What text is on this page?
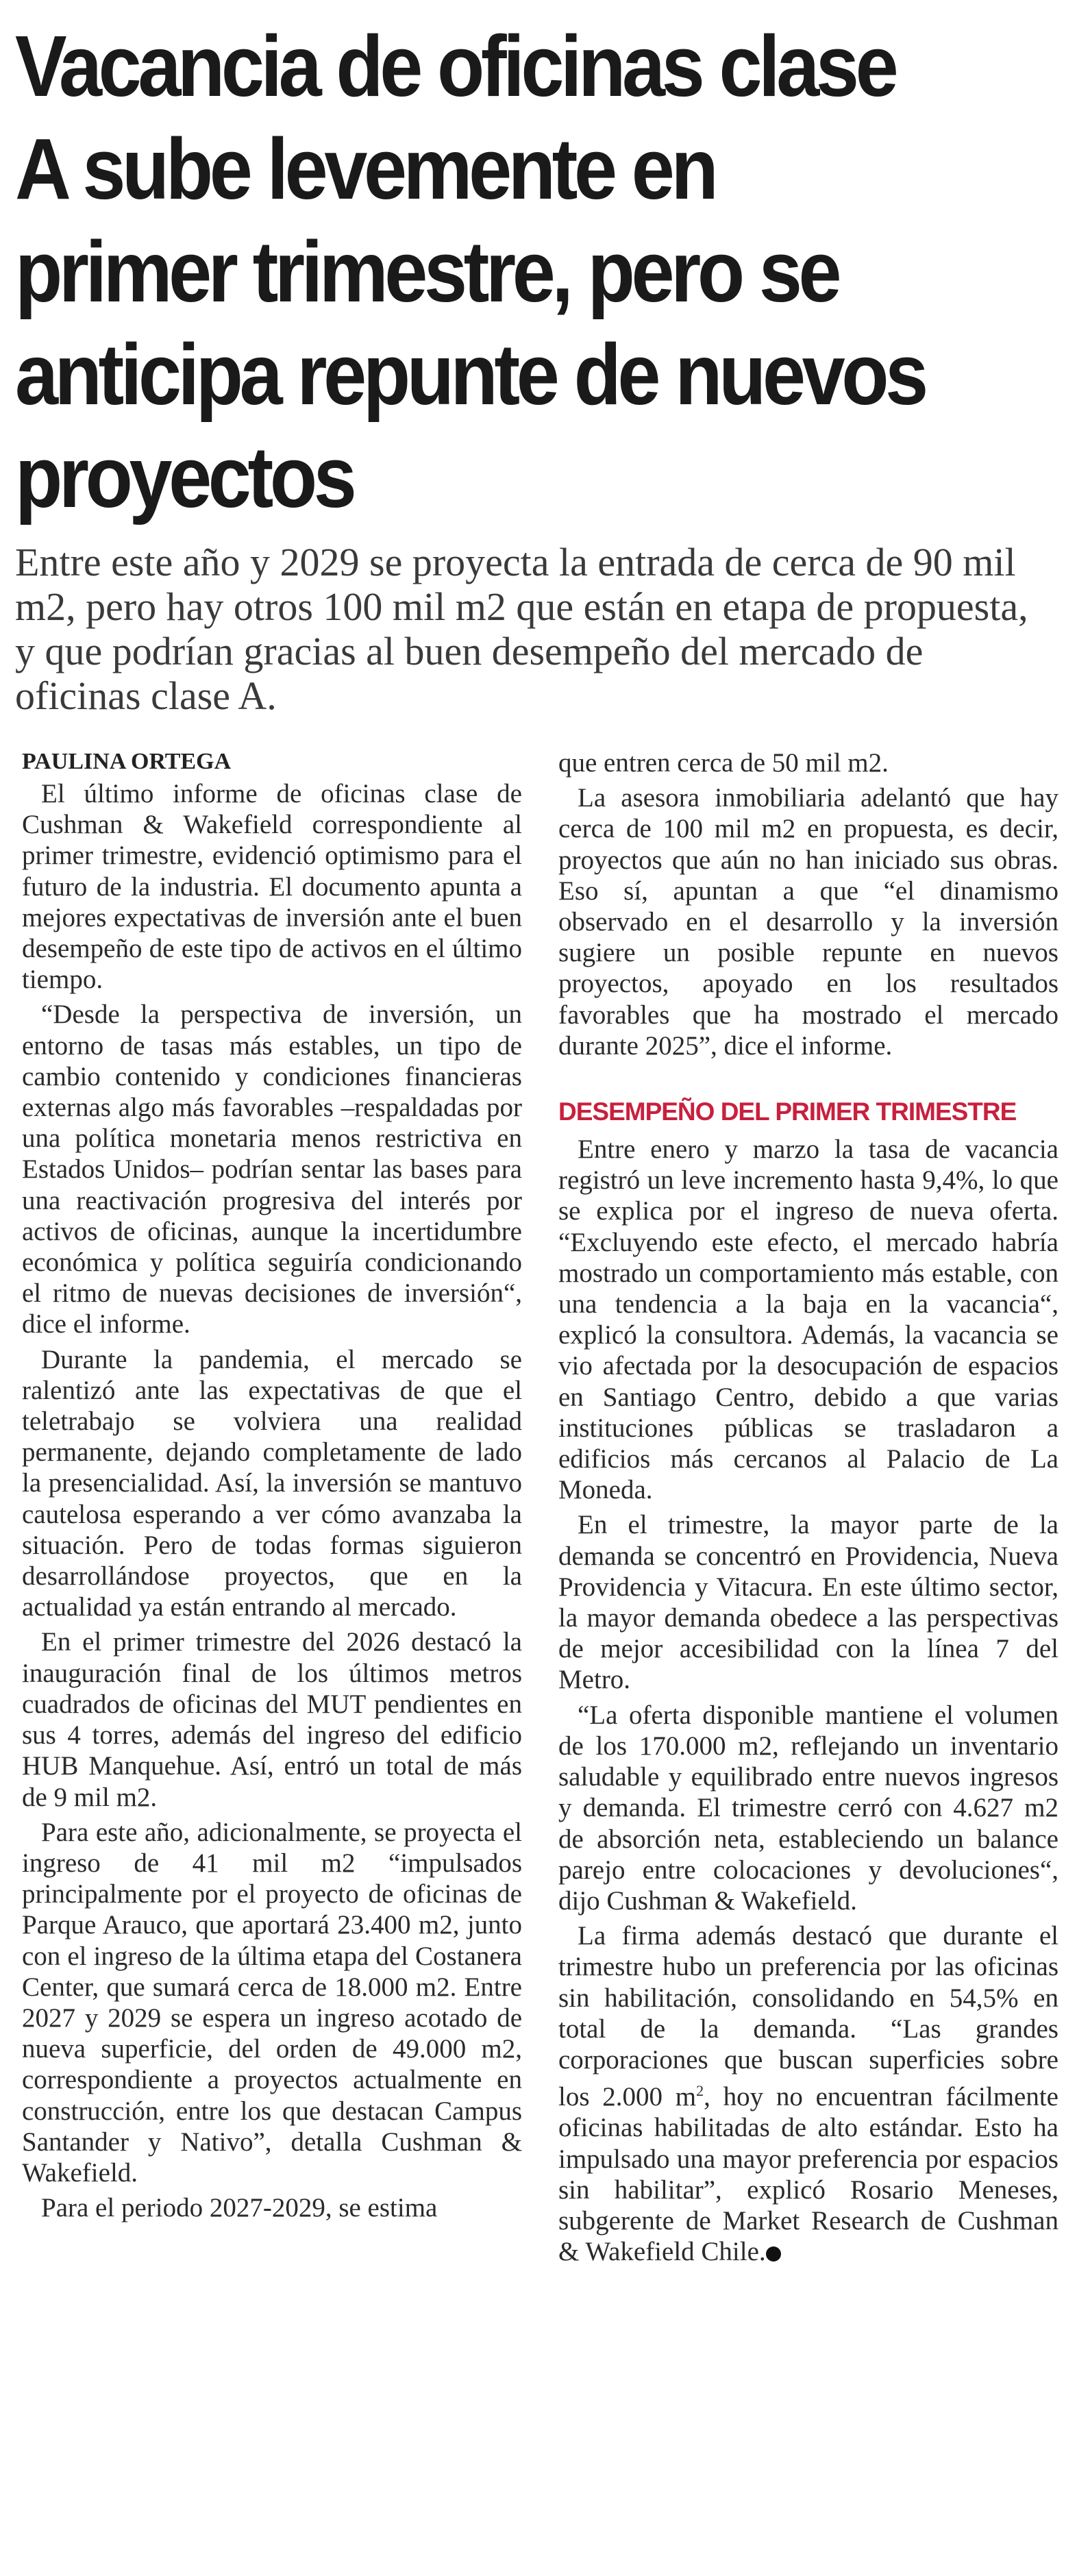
Vacancia de oficinas clase
A sube levemente en
primer trimestre, pero se
anticipa repunte de nuevos
proyectos
Entre este año y 2029 se proyecta la entrada de cerca de 90 mil m2, pero hay otros 100 mil m2 que están en etapa de propuesta, y que podrían gracias al buen desempeño del mercado de oficinas clase A.
PAULINA ORTEGA

El último informe de oficinas clase de Cushman & Wakefield correspondiente al primer trimestre, evidenció optimismo para el futuro de la industria. El documento apunta a mejores expectativas de inversión ante el buen desempeño de este tipo de activos en el último tiempo.

“Desde la perspectiva de inversión, un entorno de tasas más estables, un tipo de cambio contenido y condiciones financieras externas algo más favorables –respaldadas por una política monetaria menos restrictiva en Estados Unidos– podrían sentar las bases para una reactivación progresiva del interés por activos de oficinas, aunque la incertidumbre económica y política seguiría condicionando el ritmo de nuevas decisiones de inversión“, dice el informe.

Durante la pandemia, el mercado se ralentizó ante las expectativas de que el teletrabajo se volviera una realidad permanente, dejando completamente de lado la presencialidad. Así, la inversión se mantuvo cautelosa esperando a ver cómo avanzaba la situación. Pero de todas formas siguieron desarrollándose proyectos, que en la actualidad ya están entrando al mercado.

En el primer trimestre del 2026 destacó la inauguración final de los últimos metros cuadrados de oficinas del MUT pendientes en sus 4 torres, además del ingreso del edificio HUB Manquehue. Así, entró un total de más de 9 mil m2.

Para este año, adicionalmente, se proyecta el ingreso de 41 mil m2 “impulsados principalmente por el proyecto de oficinas de Parque Arauco, que aportará 23.400 m2, junto con el ingreso de la última etapa del Costanera Center, que sumará cerca de 18.000 m2. Entre 2027 y 2029 se espera un ingreso acotado de nueva superficie, del orden de 49.000 m2, correspondiente a proyectos actualmente en construcción, entre los que destacan Campus Santander y Nativo”, detalla Cushman & Wakefield.

Para el periodo 2027-2029, se estima

que entren cerca de 50 mil m2.

La asesora inmobiliaria adelantó que hay cerca de 100 mil m2 en propuesta, es decir, proyectos que aún no han iniciado sus obras. Eso sí, apuntan a que “el dinamismo observado en el desarrollo y la inversión sugiere un posible repunte en nuevos proyectos, apoyado en los resultados favorables que ha mostrado el mercado durante 2025”, dice el informe.

DESEMPEÑO DEL PRIMER TRIMESTRE

Entre enero y marzo la tasa de vacancia registró un leve incremento hasta 9,4%, lo que se explica por el ingreso de nueva oferta. “Excluyendo este efecto, el mercado habría mostrado un comportamiento más estable, con una tendencia a la baja en la vacancia“, explicó la consultora. Además, la vacancia se vio afectada por la desocupación de espacios en Santiago Centro, debido a que varias instituciones públicas se trasladaron a edificios más cercanos al Palacio de La Moneda.

En el trimestre, la mayor parte de la demanda se concentró en Providencia, Nueva Providencia y Vitacura. En este último sector, la mayor demanda obedece a las perspectivas de mejor accesibilidad con la línea 7 del Metro.

“La oferta disponible mantiene el volumen de los 170.000 m2, reflejando un inventario saludable y equilibrado entre nuevos ingresos y demanda. El trimestre cerró con 4.627 m2 de absorción neta, estableciendo un balance parejo entre colocaciones y devoluciones“, dijo Cushman & Wakefield.

La firma además destacó que durante el trimestre hubo un preferencia por las oficinas sin habilitación, consolidando en 54,5% en total de la demanda. “Las grandes corporaciones que buscan superficies sobre los 2.000 $m^2$, hoy no encuentran fácilmente oficinas habilitadas de alto estándar. Esto ha impulsado una mayor preferencia por espacios sin habilitar”, explicó Rosario Meneses, subgerente de Market Research de Cushman & Wakefield Chile. P
